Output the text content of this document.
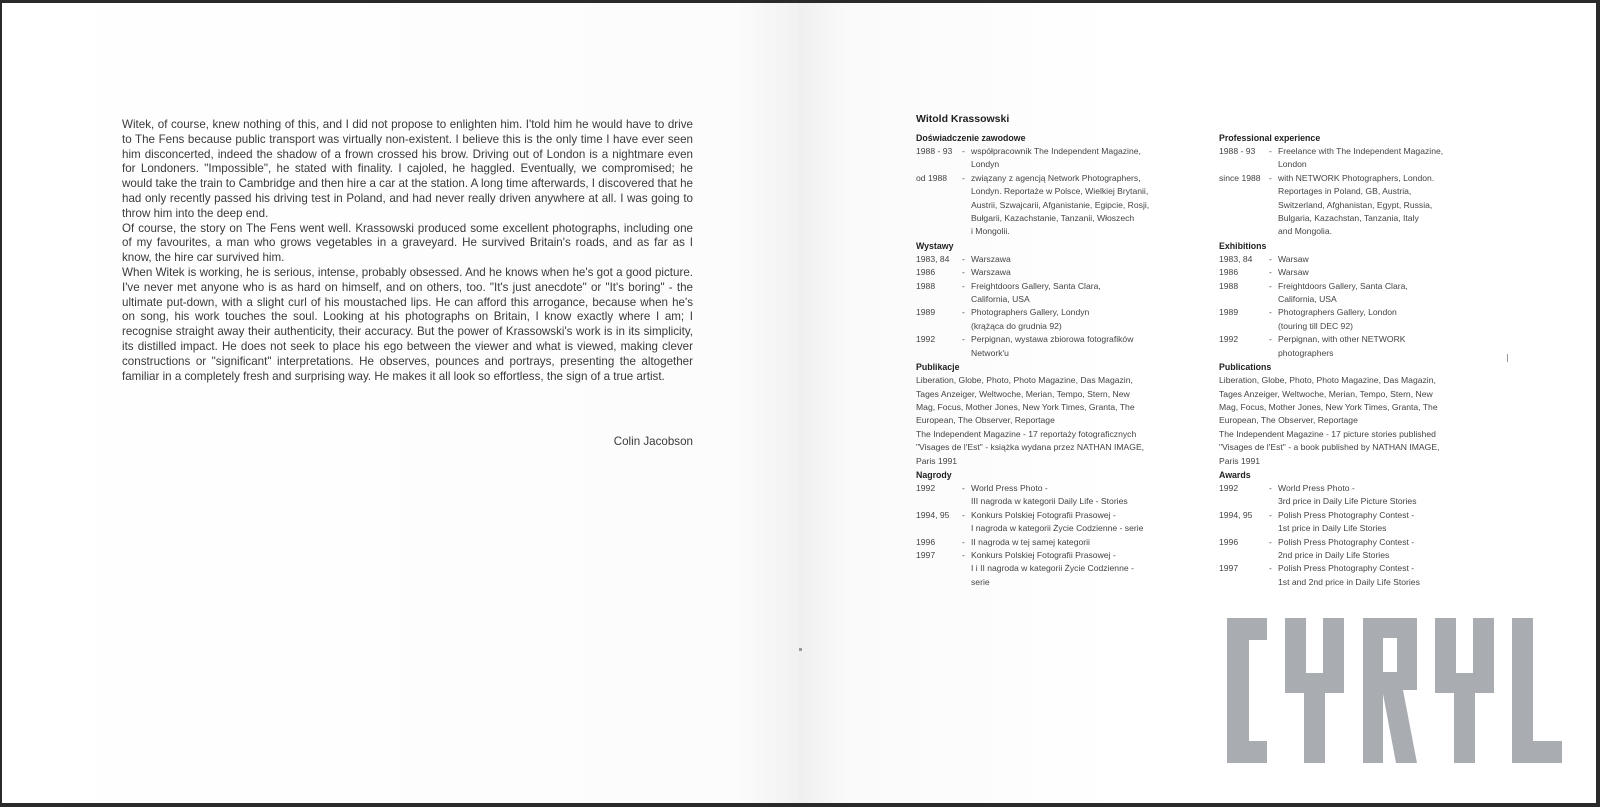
Witek, of course, knew nothing of this, and I did not propose to enlighten him. I'told him he would have to drive to The Fens because public transport was virtually non-existent. I believe this is the only time I have ever seen him disconcerted, indeed the shadow of a frown crossed his brow. Driving out of London is a nightmare even for Londoners. "Impossible", he stated with finality. I cajoled, he haggled. Eventually, we compromised; he would take the train to Cambridge and then hire a car at the station. A long time afterwards, I discovered that he had only recently passed his driving test in Poland, and had never really driven anywhere at all. I was going to throw him into the deep end.

Of course, the story on The Fens went well. Krassowski produced some excellent photographs, including one of my favourites, a man who grows vegetables in a graveyard. He survived Britain's roads, and as far as I know, the hire car survived him.

When Witek is working, he is serious, intense, probably obsessed. And he knows when he's got a good picture. I've never met anyone who is as hard on himself, and on others, too. "It's just anecdote" or "It's boring" - the ultimate put-down, with a slight curl of his moustached lips. He can afford this arrogance, because when he's on song, his work touches the soul. Looking at his photographs on Britain, I know exactly where I am; I recognise straight away their authenticity, their accuracy. But the power of Krassowski's work is in its simplicity, its distilled impact. He does not seek to place his ego between the viewer and what is viewed, making clever constructions or "significant" interpretations. He observes, pounces and portrays, presenting the altogether familiar in a completely fresh and surprising way. He makes it all look so effortless, the sign of a true artist.

Colin Jacobson
Witold Krassowski
Doświadczenie zawodowe
1988 - 93	- współpracownik The Independent Magazine,
Londyn
od 1988	- związany z agencją Network Photographers,
Londyn. Reportaże w Polsce, Wielkiej Brytanii,
Austrii, Szwajcarii, Afganistanie, Egipcie, Rosji,
Bułgarii, Kazachstanie, Tanzanii, Włoszech
i Mongolii.
Wystawy
1983, 84	- Warszawa
1986	- Warszawa
1988	- Freightdoors Gallery, Santa Clara,
California, USA
1989	- Photographers Gallery, Londyn
(krążąca do grudnia 92)
1992	- Perpignan, wystawa zbiorowa fotografików
Network'u
Publikacje
Liberation, Globe, Photo, Photo Magazine, Das Magazin,
Tages Anzeiger, Weltwoche, Merian, Tempo, Stern, New
Mag, Focus, Mother Jones, New York Times, Granta, The
European, The Observer, Reportage
The Independent Magazine - 17 reportaży fotograficznych
"Visages de l'Est" - książka wydana przez NATHAN IMAGE,
Paris 1991
Nagrody
1992	- World Press Photo -
III nagroda w kategorii Daily Life - Stories
1994, 95	- Konkurs Polskiej Fotografii Prasowej -
I nagroda w kategorii Życie Codzienne - serie
1996	- II nagroda w tej samej kategorii
1997	- Konkurs Polskiej Fotografii Prasowej -
I i II nagroda w kategorii Życie Codzienne -
serie
Professional experience
1988 - 93	- Freelance with The Independent Magazine,
London
since 1988 - with NETWORK Photographers, London.
Reportages in Poland, GB, Austria,
Switzerland, Afghanistan, Egypt, Russia,
Bulgaria, Kazachstan, Tanzania, Italy
and Mongolia.
Exhibitions
1983, 84	- Warsaw
1986	- Warsaw
1988	- Freightdoors Gallery, Santa Clara,
California, USA
1989	- Photographers Gallery, London
(touring till DEC 92)
1992	- Perpignan, with other NETWORK
photographers
Publications
Liberation, Globe, Photo, Photo Magazine, Das Magazin,
Tages Anzeiger, Weltwoche, Merian, Tempo, Stern, New
Mag, Focus, Mother Jones, New York Times, Granta, The
European, The Observer, Reportage
The Independent Magazine - 17 picture stories published
"Visages de l'Est" - a book published by NATHAN IMAGE,
Paris 1991
Awards
1992	- World Press Photo -
3rd price in Daily Life Picture Stories
1994, 95	- Polish Press Photography Contest -
1st price in Daily Life Stories
1996	- Polish Press Photography Contest -
2nd price in Daily Life Stories
1997	- Polish Press Photography Contest -
1st and 2nd price in Daily Life Stories
